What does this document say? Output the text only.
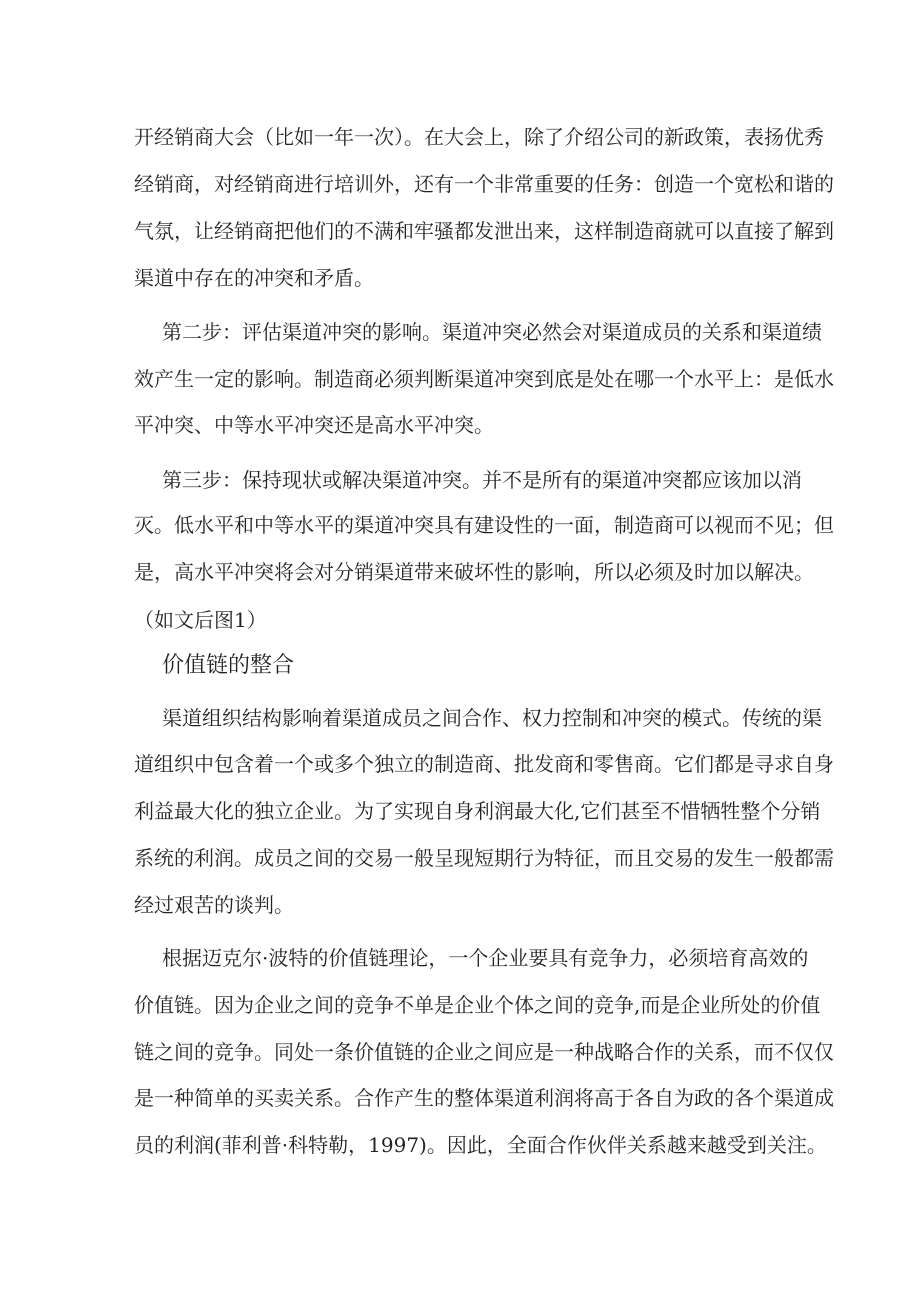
开经销商大会（比如一年一次）。在大会上，除了介绍公司的新政策，表扬优秀
经销商，对经销商进行培训外，还有一个非常重要的任务：创造一个宽松和谐的
气氛，让经销商把他们的不满和牢骚都发泄出来，这样制造商就可以直接了解到
渠道中存在的冲突和矛盾。
第二步：评估渠道冲突的影响。渠道冲突必然会对渠道成员的关系和渠道绩
效产生一定的影响。制造商必须判断渠道冲突到底是处在哪一个水平上：是低水
平冲突、中等水平冲突还是高水平冲突。
第三步：保持现状或解决渠道冲突。并不是所有的渠道冲突都应该加以消
灭。低水平和中等水平的渠道冲突具有建设性的一面，制造商可以视而不见；但
是，高水平冲突将会对分销渠道带来破坏性的影响，所以必须及时加以解决。
（如文后图1）
价值链的整合
渠道组织结构影响着渠道成员之间合作、权力控制和冲突的模式。传统的渠
道组织中包含着一个或多个独立的制造商、批发商和零售商。它们都是寻求自身
利益最大化的独立企业。为了实现自身利润最大化,它们甚至不惜牺牲整个分销
系统的利润。成员之间的交易一般呈现短期行为特征，而且交易的发生一般都需
经过艰苦的谈判。
根据迈克尔·波特的价值链理论，一个企业要具有竞争力，必须培育高效的
价值链。因为企业之间的竞争不单是企业个体之间的竞争,而是企业所处的价值
链之间的竞争。同处一条价值链的企业之间应是一种战略合作的关系，而不仅仅
是一种简单的买卖关系。合作产生的整体渠道利润将高于各自为政的各个渠道成
员的利润(菲利普·科特勒，1997)。因此，全面合作伙伴关系越来越受到关注。
